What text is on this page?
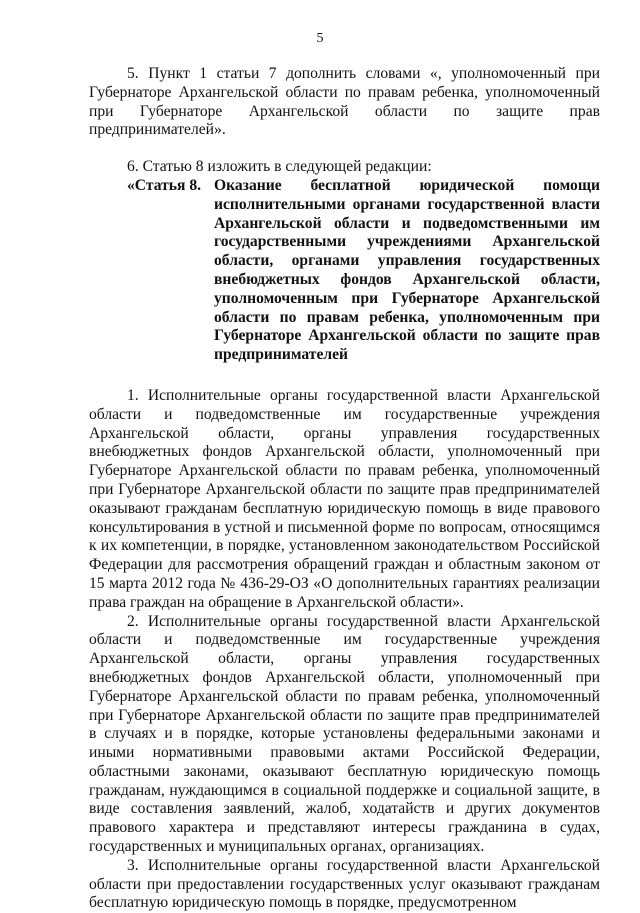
5

5. Пункт 1 статьи 7 дополнить словами «, уполномоченный при Губернаторе Архангельской области по правам ребенка, уполномоченный при Губернаторе Архангельской области по защите прав предпринимателей».

6. Статью 8 изложить в следующей редакции:

«Статья 8. Оказание бесплатной юридической помощи исполнительными органами государственной власти Архангельской области и подведомственными им государственными учреждениями Архангельской области, органами управления государственных внебюджетных фондов Архангельской области, уполномоченным при Губернаторе Архангельской области по правам ребенка, уполномоченным при Губернаторе Архангельской области по защите прав предпринимателей

1. Исполнительные органы государственной власти Архангельской области и подведомственные им государственные учреждения Архангельской области, органы управления государственных внебюджетных фондов Архангельской области, уполномоченный при Губернаторе Архангельской области по правам ребенка, уполномоченный при Губернаторе Архангельской области по защите прав предпринимателей оказывают гражданам бесплатную юридическую помощь в виде правового консультирования в устной и письменной форме по вопросам, относящимся к их компетенции, в порядке, установленном законодательством Российской Федерации для рассмотрения обращений граждан и областным законом от 15 марта 2012 года № 436-29-ОЗ «О дополнительных гарантиях реализации права граждан на обращение в Архангельской области».

2. Исполнительные органы государственной власти Архангельской области и подведомственные им государственные учреждения Архангельской области, органы управления государственных внебюджетных фондов Архангельской области, уполномоченный при Губернаторе Архангельской области по правам ребенка, уполномоченный при Губернаторе Архангельской области по защите прав предпринимателей в случаях и в порядке, которые установлены федеральными законами и иными нормативными правовыми актами Российской Федерации, областными законами, оказывают бесплатную юридическую помощь гражданам, нуждающимся в социальной поддержке и социальной защите, в виде составления заявлений, жалоб, ходатайств и других документов правового характера и представляют интересы гражданина в судах, государственных и муниципальных органах, организациях.

3. Исполнительные органы государственной власти Архангельской области при предоставлении государственных услуг оказывают гражданам бесплатную юридическую помощь в порядке, предусмотренном
